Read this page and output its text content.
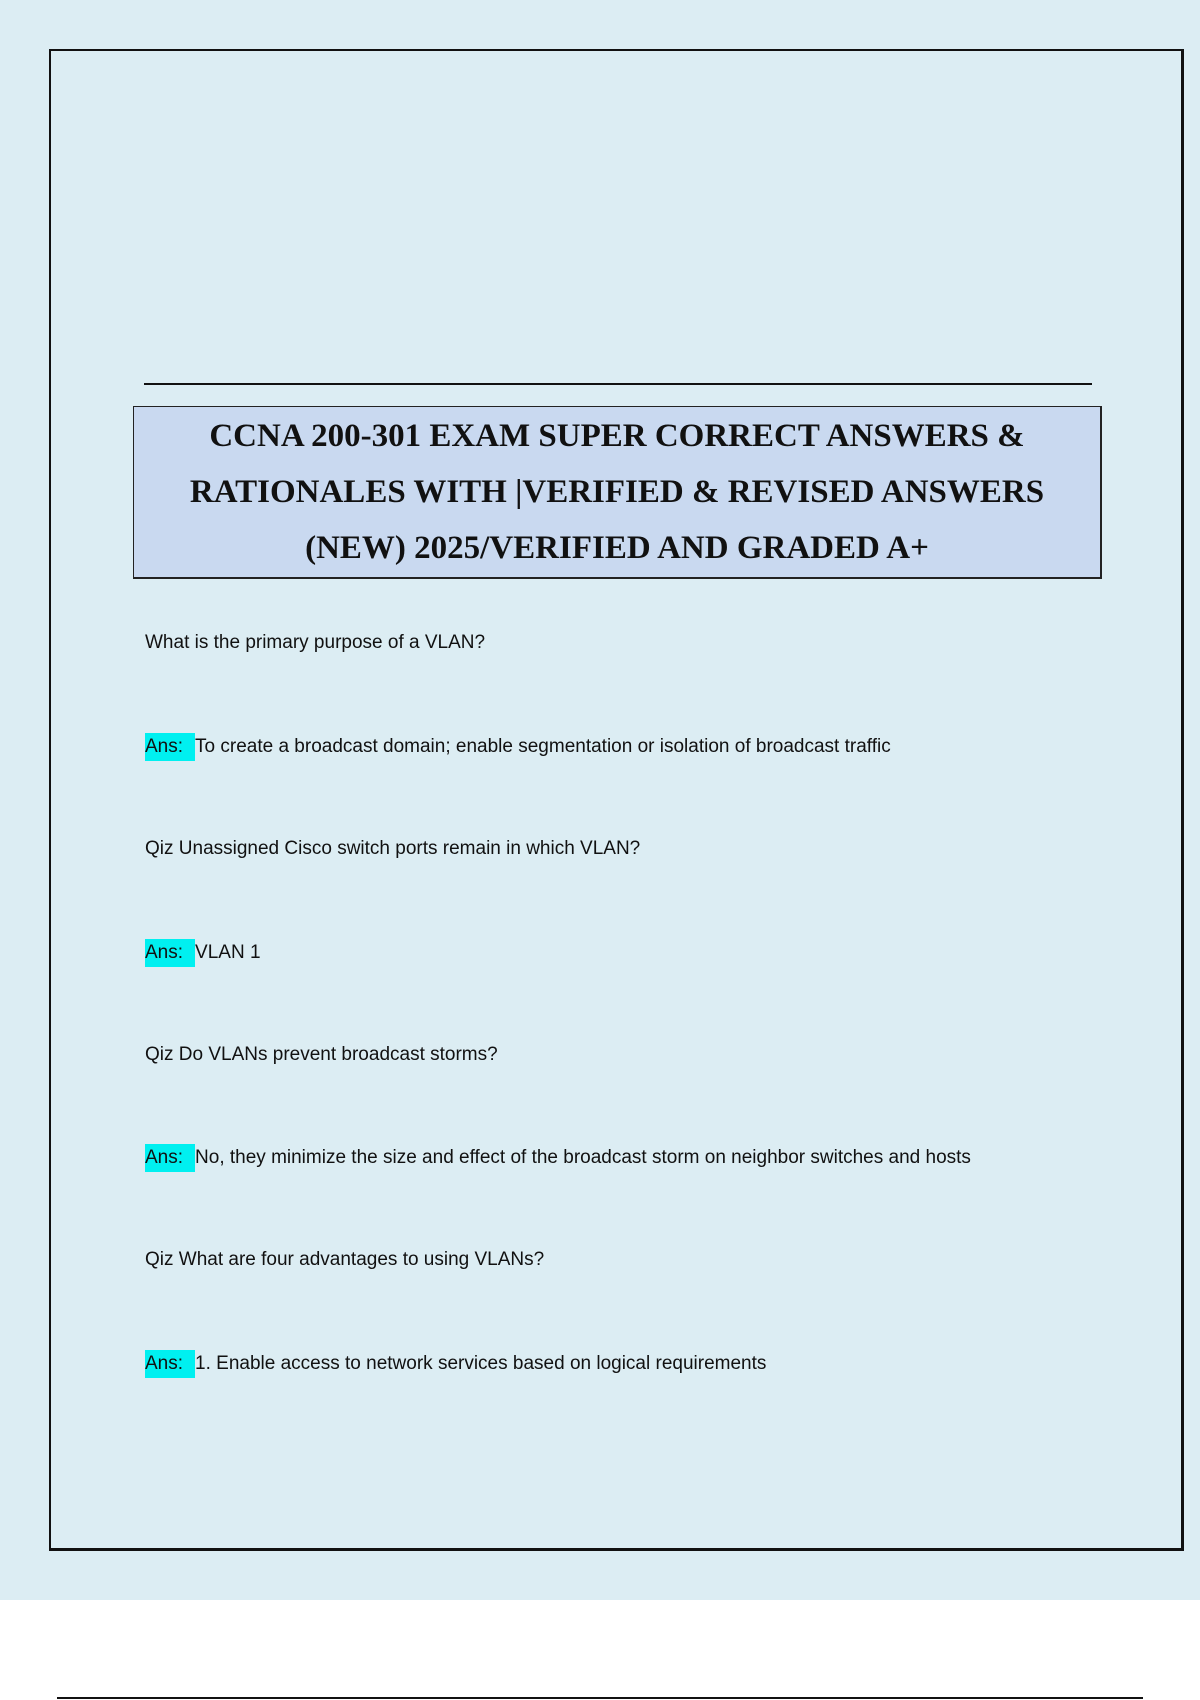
CCNA 200-301 EXAM SUPER CORRECT ANSWERS & RATIONALES WITH |VERIFIED & REVISED ANSWERS (NEW) 2025/VERIFIED AND GRADED A+

What is the primary purpose of a VLAN?

Ans: To create a broadcast domain; enable segmentation or isolation of broadcast traffic

Qiz Unassigned Cisco switch ports remain in which VLAN?

Ans: VLAN 1

Qiz Do VLANs prevent broadcast storms?

Ans: No, they minimize the size and effect of the broadcast storm on neighbor switches and hosts

Qiz What are four advantages to using VLANs?

Ans: 1. Enable access to network services based on logical requirements
